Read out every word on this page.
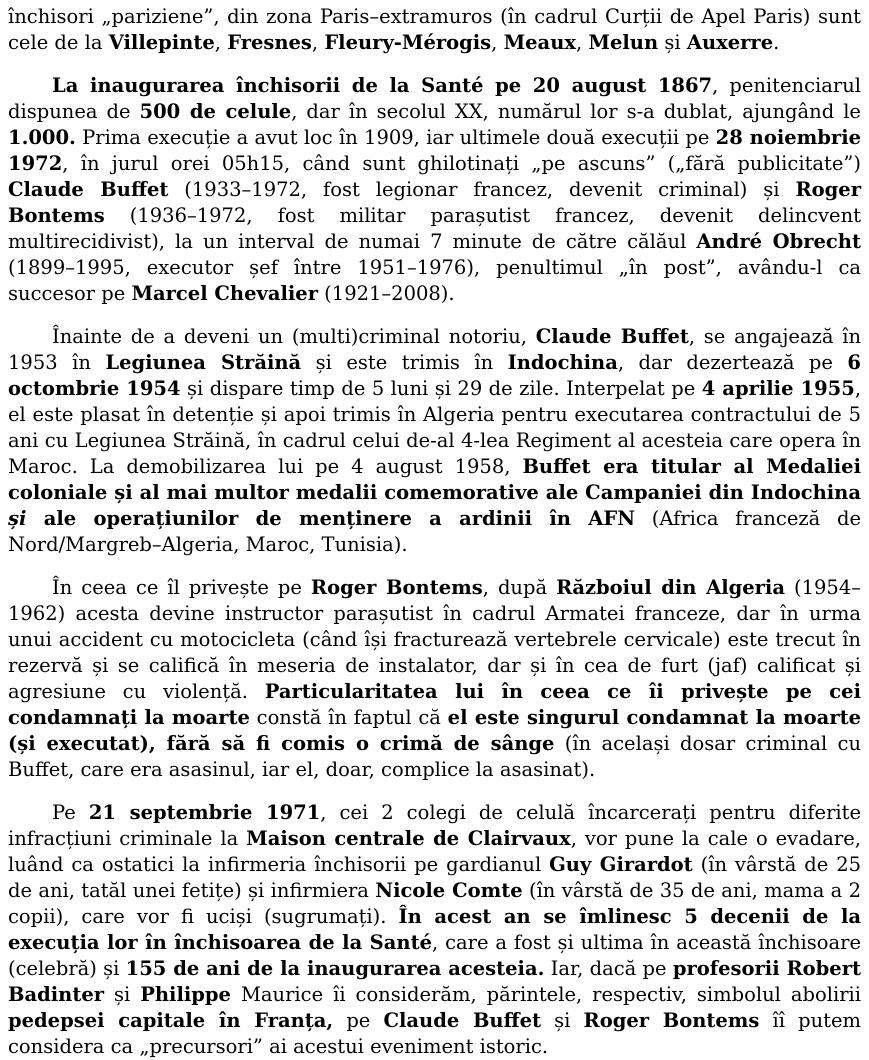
închisori „pariziene”, din zona Paris–extramuros (în cadrul Curții de Apel Paris) sunt cele de la Villepinte, Fresnes, Fleury-Mérogis, Meaux, Melun și Auxerre.

La inaugurarea închisorii de la Santé pe 20 august 1867, penitenciarul dispunea de 500 de celule, dar în secolul XX, numărul lor s-a dublat, ajungând le 1.000. Prima execuție a avut loc în 1909, iar ultimele două execuții pe 28 noiembrie 1972, în jurul orei 05h15, când sunt ghilotinați „pe ascuns” („fără publicitate”) Claude Buffet (1933–1972, fost legionar francez, devenit criminal) și Roger Bontems (1936–1972, fost militar parașutist francez, devenit delincvent multirecidivist), la un interval de numai 7 minute de către călăul André Obrecht (1899–1995, executor șef între 1951–1976), penultimul „în post”, avându-l ca succesor pe Marcel Chevalier (1921–2008).

Înainte de a deveni un (multi)criminal notoriu, Claude Buffet, se angajează în 1953 în Legiunea Străină și este trimis în Indochina, dar dezertează pe 6 octombrie 1954 și dispare timp de 5 luni și 29 de zile. Interpelat pe 4 aprilie 1955, el este plasat în detenție și apoi trimis în Algeria pentru executarea contractului de 5 ani cu Legiunea Străină, în cadrul celui de-al 4-lea Regiment al acesteia care opera în Maroc. La demobilizarea lui pe 4 august 1958, Buffet era titular al Medaliei coloniale și al mai multor medalii comemorative ale Campaniei din Indochina și ale operațiunilor de menținere a ardinii în AFN (Africa franceză de Nord/Margreb–Algeria, Maroc, Tunisia).

În ceea ce îl privește pe Roger Bontems, după Războiul din Algeria (1954–1962) acesta devine instructor parașutist în cadrul Armatei franceze, dar în urma unui accident cu motocicleta (când își fracturează vertebrele cervicale) este trecut în rezervă și se califică în meseria de instalator, dar și în cea de furt (jaf) calificat și agresiune cu violență. Particularitatea lui în ceea ce îi privește pe cei condamnați la moarte constă în faptul că el este singurul condamnat la moarte (și executat), fără să fi comis o crimă de sânge (în același dosar criminal cu Buffet, care era asasinul, iar el, doar, complice la asasinat).

Pe 21 septembrie 1971, cei 2 colegi de celulă încarcerați pentru diferite infracțiuni criminale la Maison centrale de Clairvaux, vor pune la cale o evadare, luând ca ostatici la infirmeria închisorii pe gardianul Guy Girardot (în vârstă de 25 de ani, tatăl unei fetițe) și infirmiera Nicole Comte (în vârstă de 35 de ani, mama a 2 copii), care vor fi uciși (sugrumați). În acest an se îmlinesc 5 decenii de la execuția lor în închisoarea de la Santé, care a fost și ultima în această închisoare (celebră) și 155 de ani de la inaugurarea acesteia. Iar, dacă pe profesorii Robert Badinter și Philippe Maurice îi considerăm, părintele, respectiv, simbolul abolirii pedepsei capitale în Franța, pe Claude Buffet și Roger Bontems îî putem considera ca „precursori” ai acestui eveniment istoric.
